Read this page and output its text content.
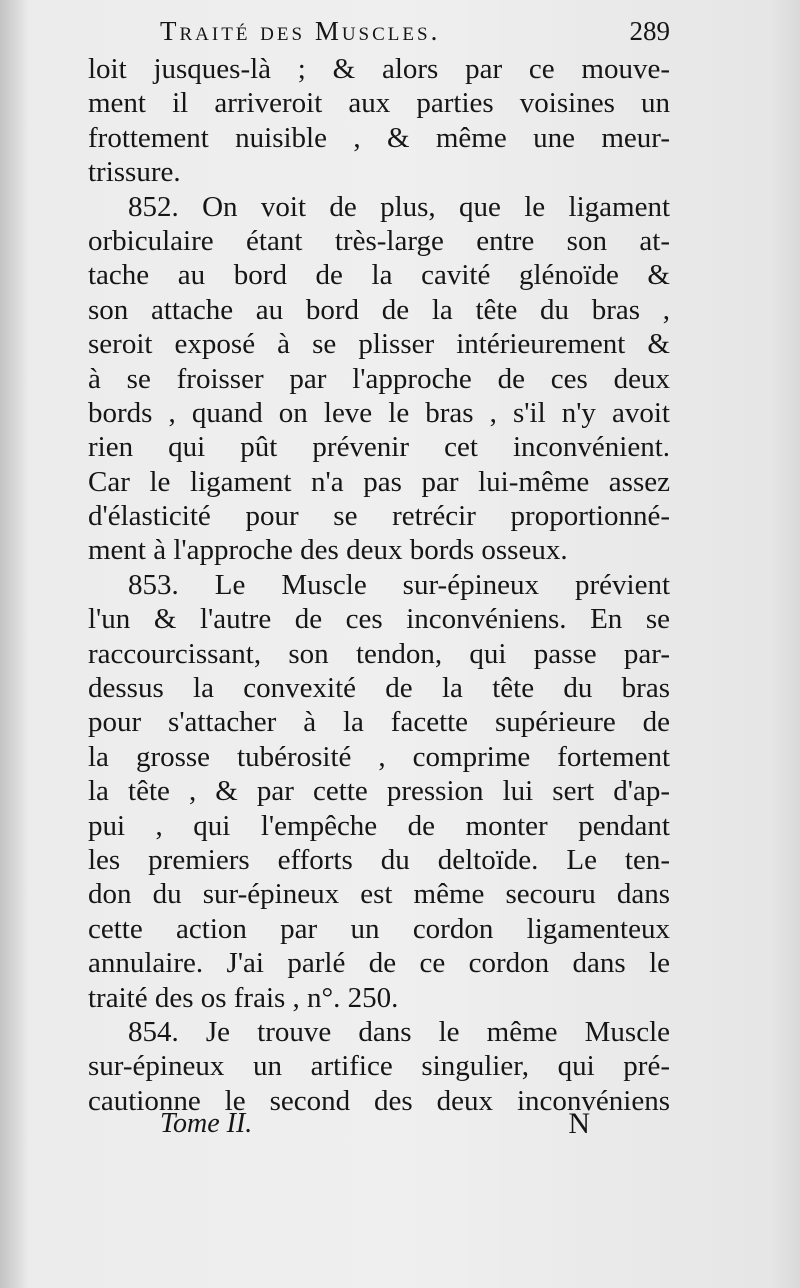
Traité des Muscles.	289
loit jusques-là ; & alors par ce mouve-
ment il arriveroit aux parties voisines un
frottement nuisible , & même une meur-
trissure.
852. On voit de plus, que le ligament
orbiculaire étant très-large entre son at-
tache au bord de la cavité glénoïde &
son attache au bord de la tête du bras ,
seroit exposé à se plisser intérieurement &
à se froisser par l'approche de ces deux
bords , quand on leve le bras , s'il n'y avoit
rien qui pût prévenir cet inconvénient.
Car le ligament n'a pas par lui-même assez
d'élasticité pour se retrécir proportionné-
ment à l'approche des deux bords osseux.
853. Le Muscle sur-épineux prévient
l'un & l'autre de ces inconvéniens. En se
raccourcissant, son tendon, qui passe par-
dessus la convexité de la tête du bras
pour s'attacher à la facette supérieure de
la grosse tubérosité , comprime fortement
la tête , & par cette pression lui sert d'ap-
pui , qui l'empêche de monter pendant
les premiers efforts du deltoïde. Le ten-
don du sur-épineux est même secouru dans
cette action par un cordon ligamenteux
annulaire. J'ai parlé de ce cordon dans le
traité des os frais , n°. 250.
854. Je trouve dans le même Muscle
sur-épineux un artifice singulier, qui pré-
cautionne le second des deux inconvéniens
Tome II.	N
